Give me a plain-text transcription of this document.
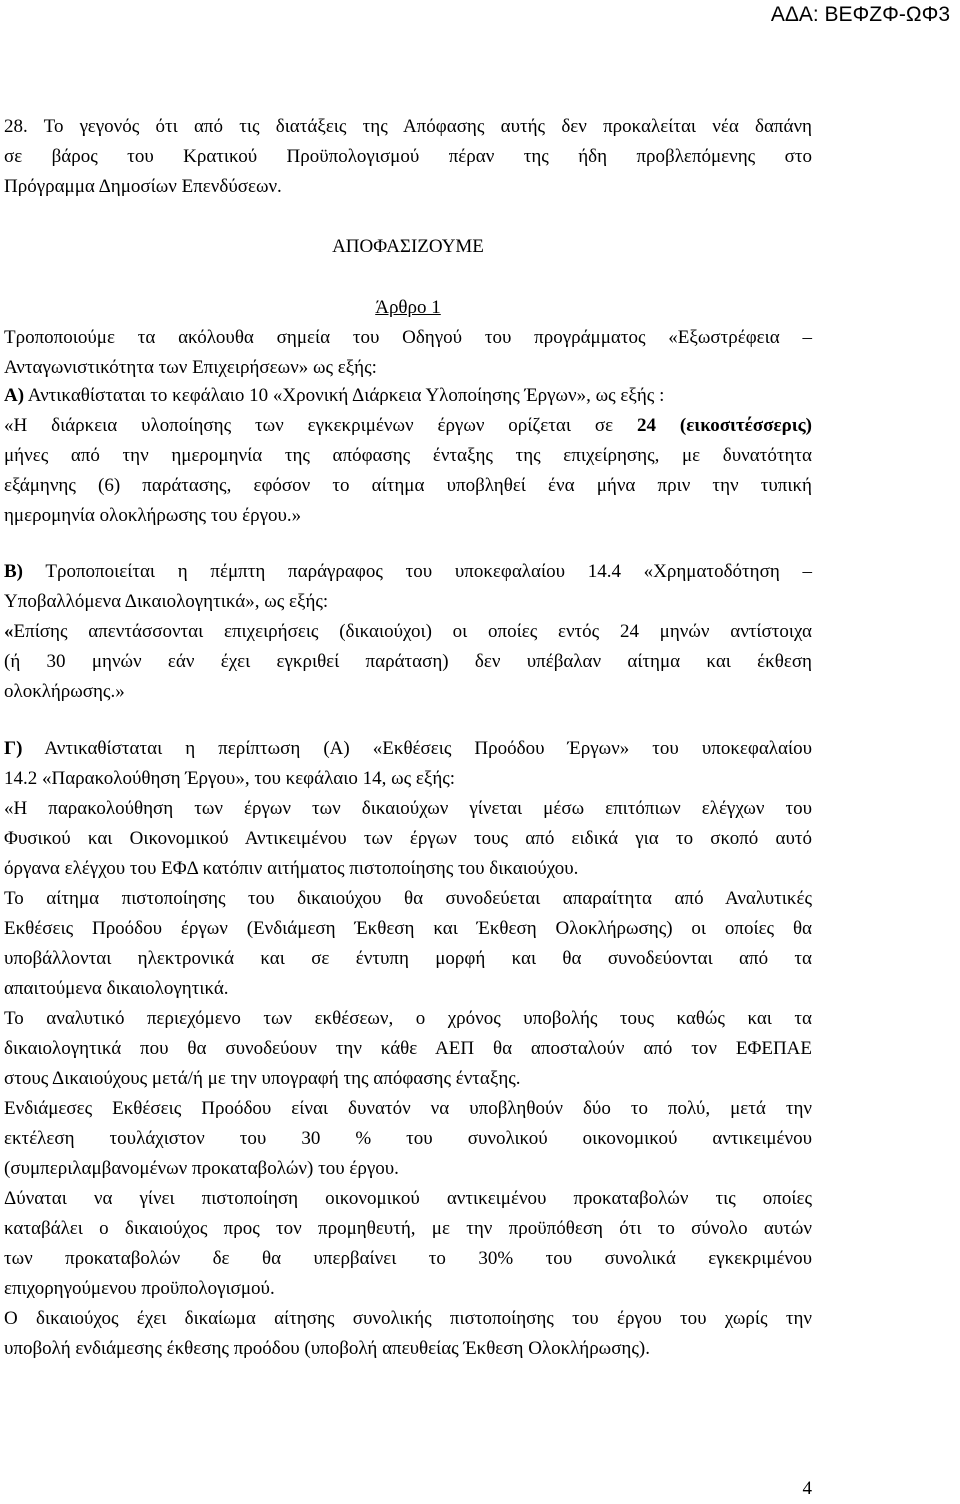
ΑΔΑ: ΒΕΦΖΦ-ΩΦ3
28. Το γεγονός ότι από τις διατάξεις της Απόφασης αυτής δεν προκαλείται νέα δαπάνη
σε βάρος του Κρατικού Προϋπολογισμού πέραν της ήδη προβλεπόμενης στο
Πρόγραμμα Δημοσίων Επενδύσεων.
ΑΠΟΦΑΣΙΖΟΥΜΕ
Άρθρο 1
Τροποποιούμε τα ακόλουθα σημεία του Οδηγού του προγράμματος «Εξωστρέφεια –
Ανταγωνιστικότητα των Επιχειρήσεων» ως εξής:
Α) Αντικαθίσταται το κεφάλαιο 10 «Χρονική Διάρκεια Υλοποίησης Έργων», ως εξής :
«Η διάρκεια υλοποίησης των εγκεκριμένων έργων ορίζεται σε 24 (εικοσιτέσσερις)
μήνες από την ημερομηνία της απόφασης ένταξης της επιχείρησης, με δυνατότητα
εξάμηνης (6) παράτασης, εφόσον το αίτημα υποβληθεί ένα μήνα πριν την τυπική
ημερομηνία ολοκλήρωσης του έργου.»
Β) Τροποποιείται η πέμπτη παράγραφος του υποκεφαλαίου 14.4 «Χρηματοδότηση –
Υποβαλλόμενα Δικαιολογητικά», ως εξής:
«Επίσης απεντάσσονται επιχειρήσεις (δικαιούχοι) οι οποίες εντός 24 μηνών αντίστοιχα
(ή 30 μηνών εάν έχει εγκριθεί παράταση) δεν υπέβαλαν αίτημα και έκθεση
ολοκλήρωσης.»
Γ) Αντικαθίσταται η περίπτωση (Α) «Εκθέσεις Προόδου Έργων» του υποκεφαλαίου
14.2 «Παρακολούθηση Έργου», του κεφάλαιο 14, ως εξής:
«Η παρακολούθηση των έργων των δικαιούχων γίνεται μέσω επιτόπιων ελέγχων του
Φυσικού και Οικονομικού Αντικειμένου των έργων τους από ειδικά για το σκοπό αυτό
όργανα ελέγχου του ΕΦΔ κατόπιν αιτήματος πιστοποίησης του δικαιούχου.
Το αίτημα πιστοποίησης του δικαιούχου θα συνοδεύεται απαραίτητα από Αναλυτικές
Εκθέσεις Προόδου έργων (Ενδιάμεση Έκθεση και Έκθεση Ολοκλήρωσης) οι οποίες θα
υποβάλλονται ηλεκτρονικά και σε έντυπη μορφή και θα συνοδεύονται από τα
απαιτούμενα δικαιολογητικά.
Το αναλυτικό περιεχόμενο των εκθέσεων, ο χρόνος υποβολής τους καθώς και τα
δικαιολογητικά που θα συνοδεύουν την κάθε ΑΕΠ θα αποσταλούν από τον ΕΦΕΠΑΕ
στους Δικαιούχους μετά/ή με την υπογραφή της απόφασης ένταξης.
Ενδιάμεσες Εκθέσεις Προόδου είναι δυνατόν να υποβληθούν δύο το πολύ, μετά την
εκτέλεση τουλάχιστον του 30 % του συνολικού οικονομικού αντικειμένου
(συμπεριλαμβανομένων προκαταβολών) του έργου.
Δύναται να γίνει πιστοποίηση οικονομικού αντικειμένου προκαταβολών τις οποίες
καταβάλει ο δικαιούχος προς τον προμηθευτή, με την προϋπόθεση ότι το σύνολο αυτών
των προκαταβολών δε θα υπερβαίνει το 30% του συνολικά εγκεκριμένου
επιχορηγούμενου προϋπολογισμού.
Ο δικαιούχος έχει δικαίωμα αίτησης συνολικής πιστοποίησης του έργου του χωρίς την
υποβολή ενδιάμεσης έκθεσης προόδου (υποβολή απευθείας Έκθεση Ολοκλήρωσης).
4
